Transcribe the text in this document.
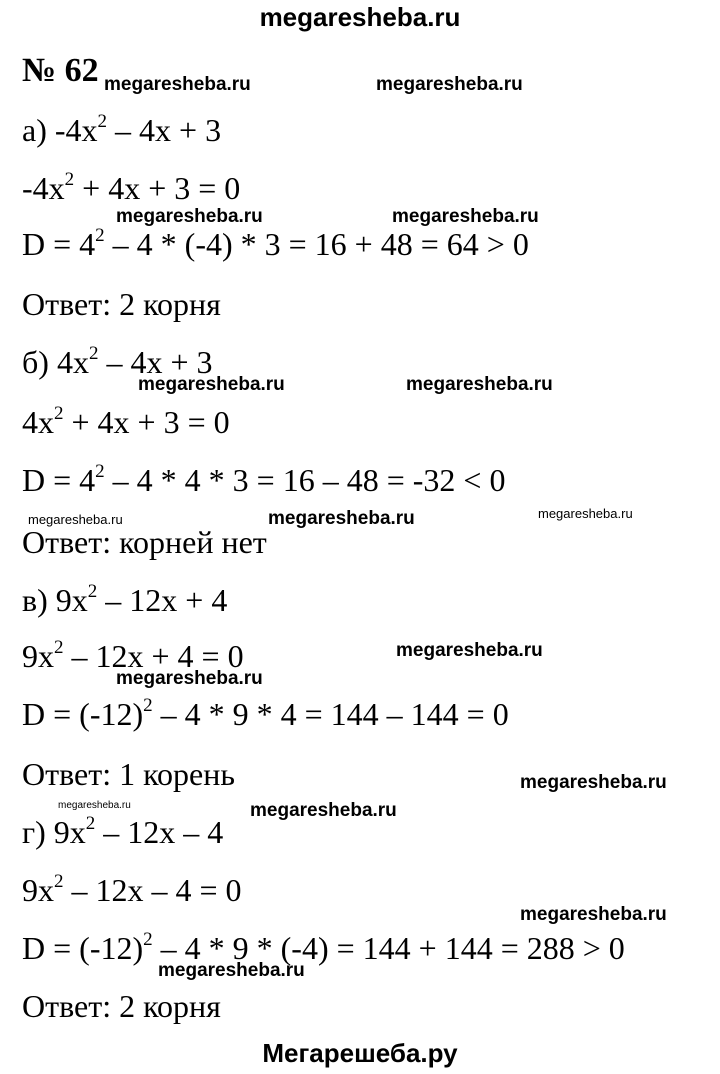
megaresheba.ru
№ 62
а) $-4x^2 - 4x + 3$
$-4x^2 + 4x + 3 = 0$
$D = 4^2 - 4 * (-4) * 3 = 16 + 48 = 64 > 0$
Ответ: 2 корня
б) $4x^2 - 4x + 3$
$4x^2 + 4x + 3 = 0$
$D = 4^2 - 4 * 4 * 3 = 16 - 48 = -32 < 0$
Ответ: корней нет
в) $9x^2 - 12x + 4$
$9x^2 - 12x + 4 = 0$
$D = (-12)^2 - 4 * 9 * 4 = 144 - 144 = 0$
Ответ: 1 корень
г) $9x^2 - 12x - 4$
$9x^2 - 12x - 4 = 0$
$D = (-12)^2 - 4 * 9 * (-4) = 144 + 144 = 288 > 0$
Ответ: 2 корня
megaresheba.ru	megaresheba.ru
megaresheba.ru	megaresheba.ru
megaresheba.ru	megaresheba.ru
megaresheba.ru	megaresheba.ru	megaresheba.ru
megaresheba.ru
megaresheba.ru
megaresheba.ru
megaresheba.ru	megaresheba.ru
megaresheba.ru
megaresheba.ru
Мегарешеба.ру
